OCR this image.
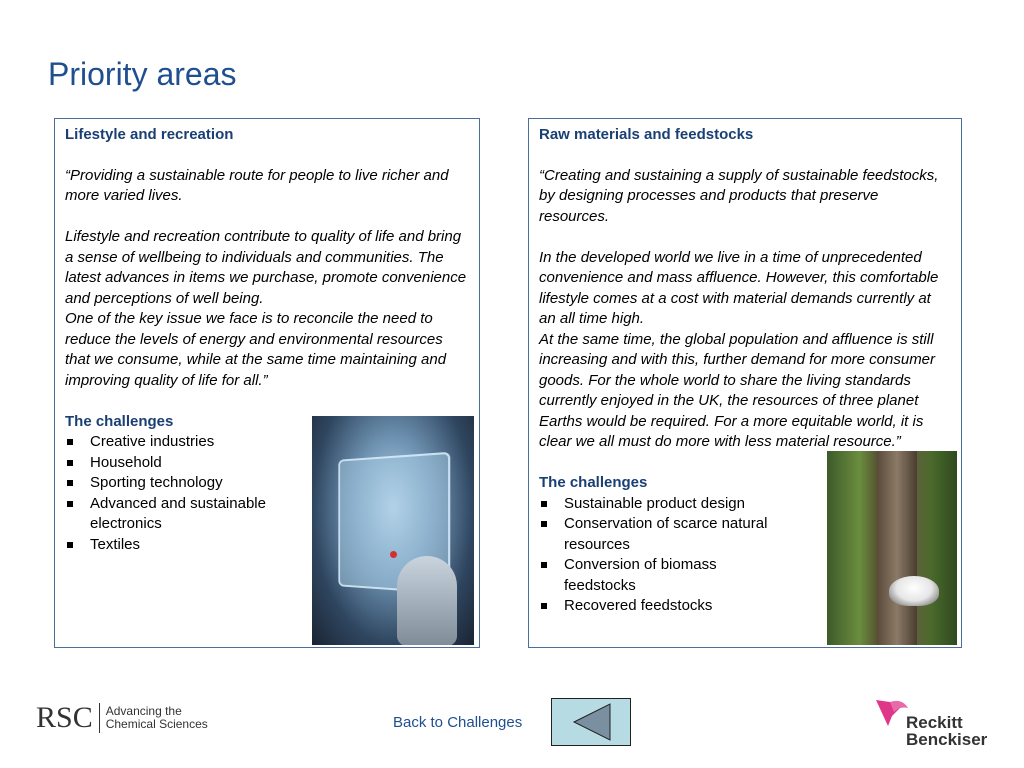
Priority areas
Lifestyle and recreation

“Providing a sustainable route for people to live richer and more varied lives.

Lifestyle and recreation contribute to quality of life and bring a sense of wellbeing to individuals and communities. The latest advances in items we purchase, promote convenience and perceptions of well being.

One of the key issue we face is to reconcile the need to reduce the levels of energy and environmental resources that we consume, while at the same time maintaining and improving quality of life for all.”

The challenges
Creative industries
Household
Sporting technology
Advanced and sustainable electronics
Textiles
Raw materials and feedstocks

“Creating and sustaining a supply of sustainable feedstocks, by designing processes and products that preserve resources.

In the developed world we live in a time of unprecedented convenience and mass affluence. However, this comfortable lifestyle comes at a cost with material demands currently at an all time high.

At the same time, the global population and affluence is still increasing and with this, further demand for more consumer goods. For the whole world to share the living standards currently enjoyed in the UK, the resources of three planet Earths would be required. For a more equitable world, it is clear we all must do more with less material resource.”

The challenges
Sustainable product design
Conservation of scarce natural resources
Conversion of biomass feedstocks
Recovered feedstocks
RSC	Advancing the
Chemical Sciences	Back to Challenges	Reckitt
Benckiser
